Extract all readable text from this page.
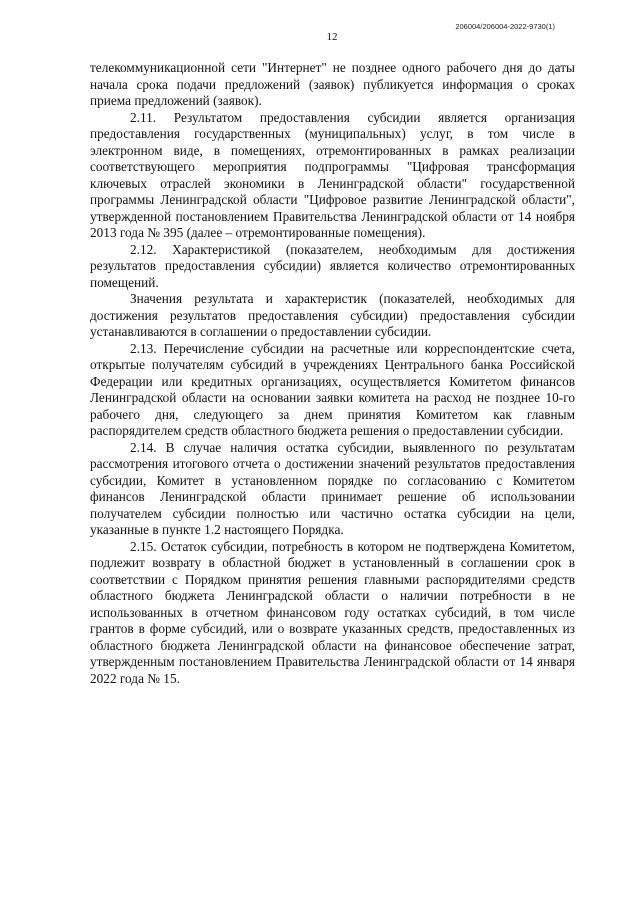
206004/206004-2022-9730(1)
12

телекоммуникационной сети "Интернет" не позднее одного рабочего дня до даты начала срока подачи предложений (заявок) публикуется информация о сроках приема предложений (заявок).

2.11. Результатом предоставления субсидии является организация предоставления государственных (муниципальных) услуг, в том числе в электронном виде, в помещениях, отремонтированных в рамках реализации соответствующего мероприятия подпрограммы "Цифровая трансформация ключевых отраслей экономики в Ленинградской области" государственной программы Ленинградской области "Цифровое развитие Ленинградской области", утвержденной постановлением Правительства Ленинградской области от 14 ноября 2013 года № 395 (далее – отремонтированные помещения).

2.12. Характеристикой (показателем, необходимым для достижения результатов предоставления субсидии) является количество отремонтированных помещений.

Значения результата и характеристик (показателей, необходимых для достижения результатов предоставления субсидии) предоставления субсидии устанавливаются в соглашении о предоставлении субсидии.

2.13. Перечисление субсидии на расчетные или корреспондентские счета, открытые получателям субсидий в учреждениях Центрального банка Российской Федерации или кредитных организациях, осуществляется Комитетом финансов Ленинградской области на основании заявки комитета на расход не позднее 10-го рабочего дня, следующего за днем принятия Комитетом как главным распорядителем средств областного бюджета решения о предоставлении субсидии.

2.14. В случае наличия остатка субсидии, выявленного по результатам рассмотрения итогового отчета о достижении значений результатов предоставления субсидии, Комитет в установленном порядке по согласованию с Комитетом финансов Ленинградской области принимает решение об использовании получателем субсидии полностью или частично остатка субсидии на цели, указанные в пункте 1.2 настоящего Порядка.

2.15. Остаток субсидии, потребность в котором не подтверждена Комитетом, подлежит возврату в областной бюджет в установленный в соглашении срок в соответствии с Порядком принятия решения главными распорядителями средств областного бюджета Ленинградской области о наличии потребности в не использованных в отчетном финансовом году остатках субсидий, в том числе грантов в форме субсидий, или о возврате указанных средств, предоставленных из областного бюджета Ленинградской области на финансовое обеспечение затрат, утвержденным постановлением Правительства Ленинградской области от 14 января 2022 года № 15.
